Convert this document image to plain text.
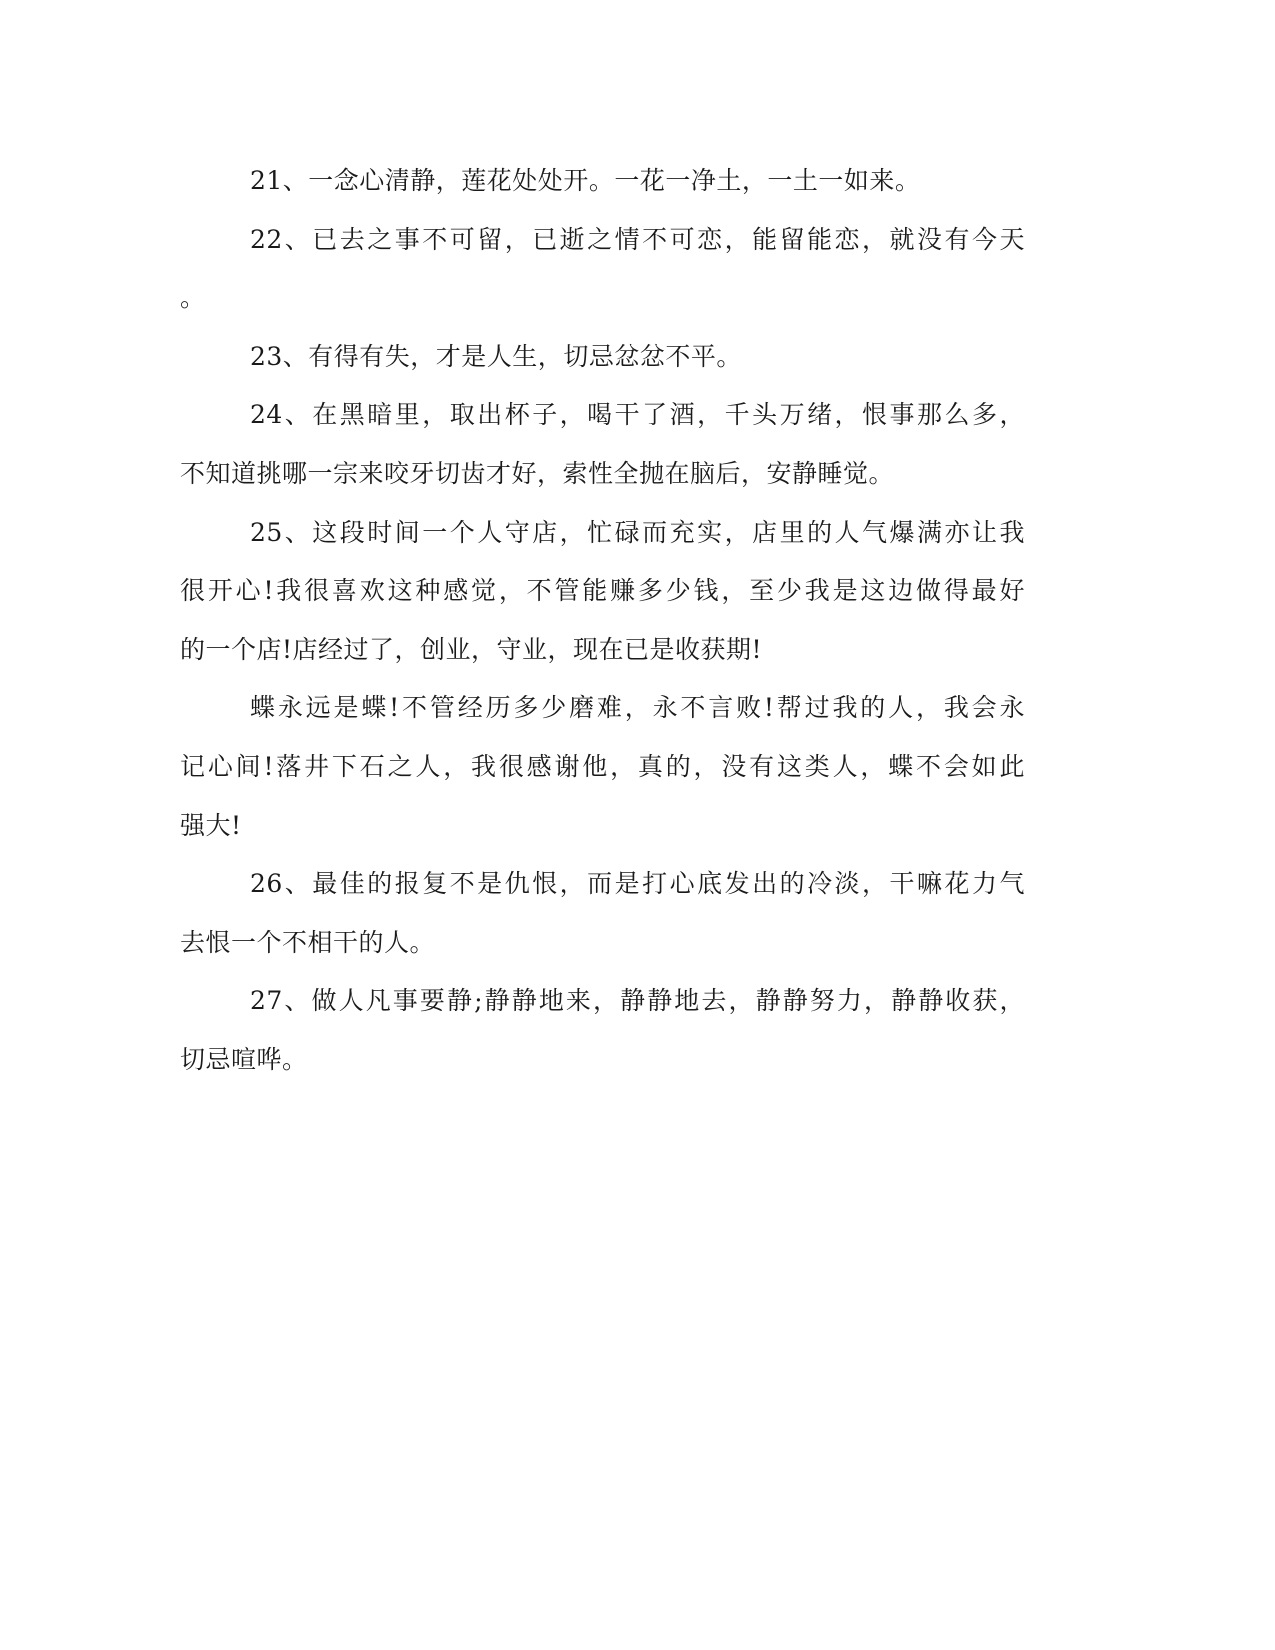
21、一念心清静，莲花处处开。一花一净土，一土一如来。
22、已去之事不可留，已逝之情不可恋，能留能恋，就没有今天
。
23、有得有失，才是人生，切忌忿忿不平。
24、在黑暗里，取出杯子，喝干了酒，千头万绪，恨事那么多，
不知道挑哪一宗来咬牙切齿才好，索性全抛在脑后，安静睡觉。
25、这段时间一个人守店，忙碌而充实，店里的人气爆满亦让我
很开心!我很喜欢这种感觉，不管能赚多少钱，至少我是这边做得最好
的一个店!店经过了，创业，守业，现在已是收获期!
蝶永远是蝶!不管经历多少磨难，永不言败!帮过我的人，我会永
记心间!落井下石之人，我很感谢他，真的，没有这类人，蝶不会如此
强大!
26、最佳的报复不是仇恨，而是打心底发出的冷淡，干嘛花力气
去恨一个不相干的人。
27、做人凡事要静;静静地来，静静地去，静静努力，静静收获，
切忌喧哗。
